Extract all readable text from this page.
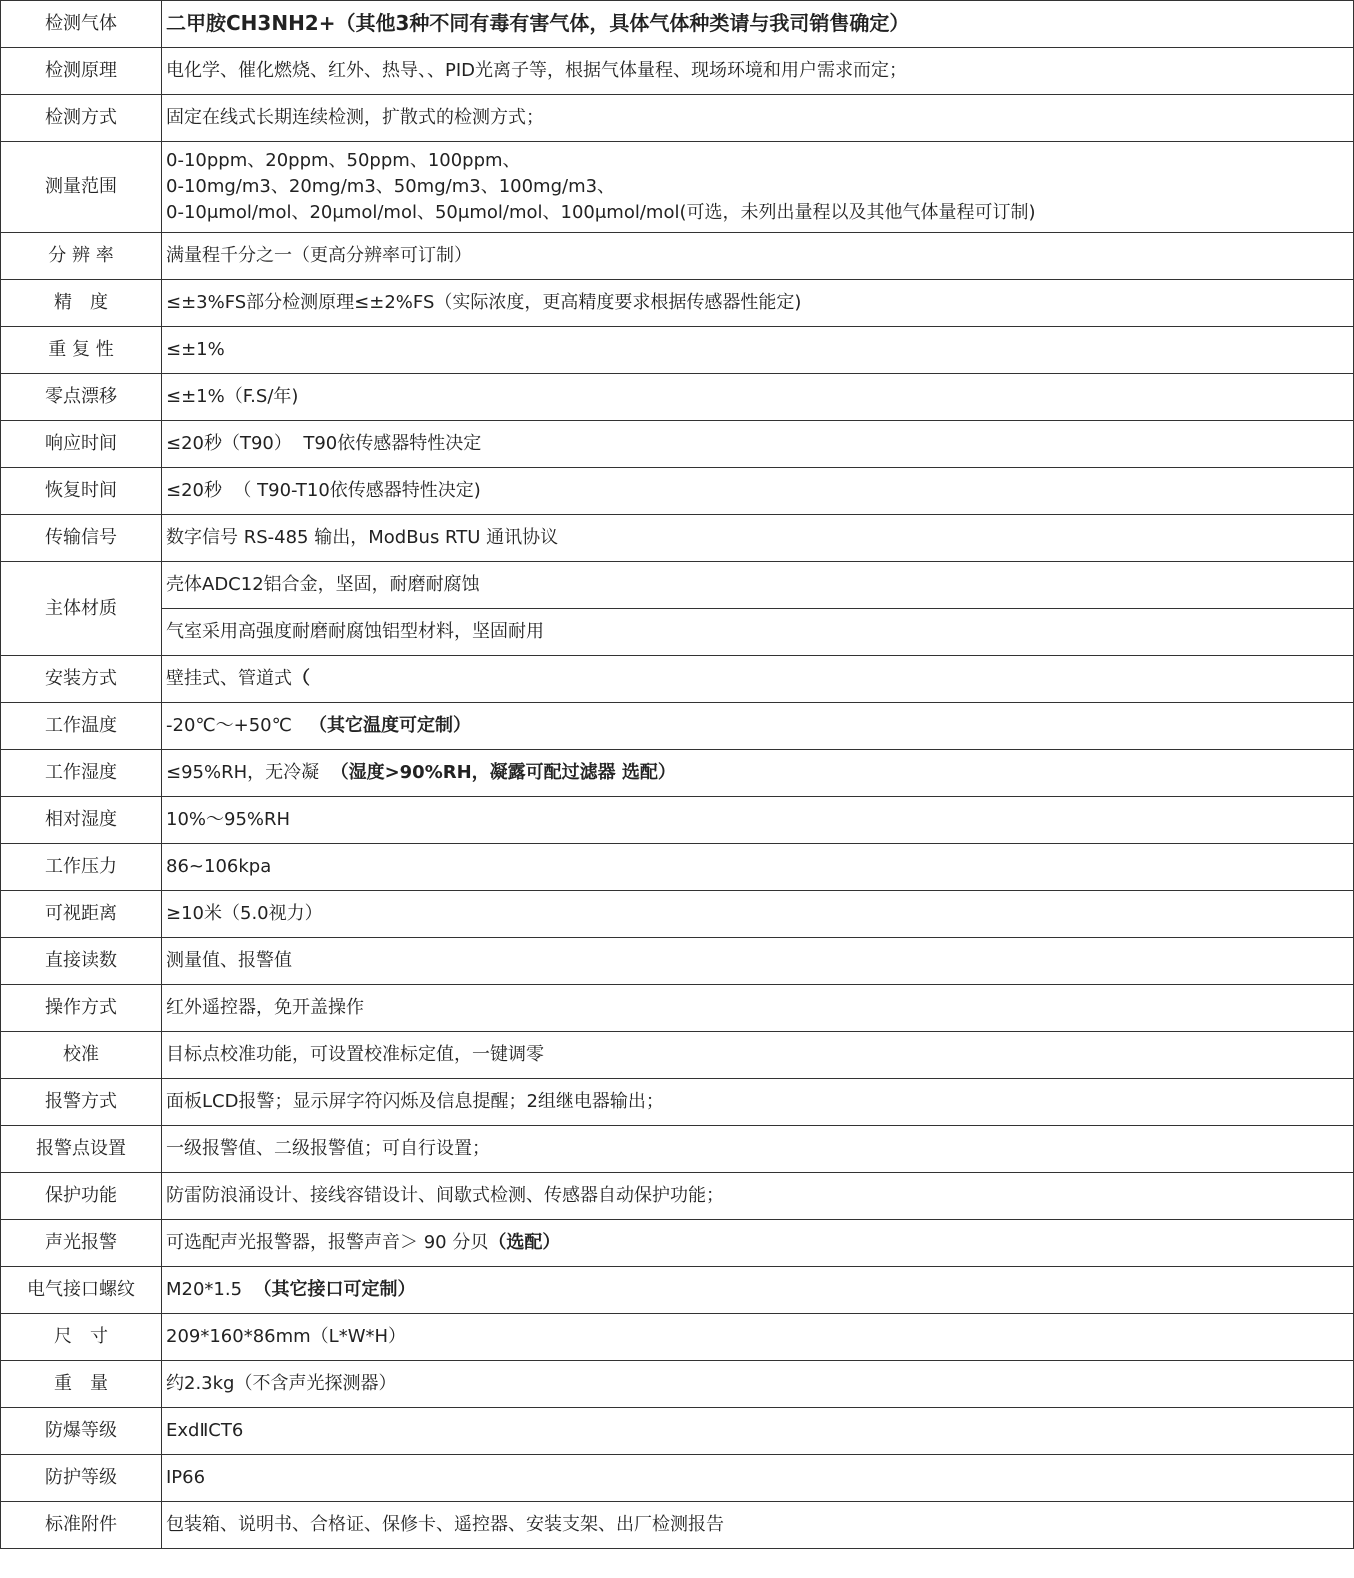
检测气体	二甲胺CH3NH2+（其他3种不同有毒有害气体，具体气体种类请与我司销售确定）
检测原理	电化学、催化燃烧、红外、热导、、PID光离子等，根据气体量程、现场环境和用户需求而定；
检测方式	固定在线式长期连续检测，扩散式的检测方式；
测量范围	0-10ppm、20ppm、50ppm、100ppm、
0-10mg/m3、20mg/m3、50mg/m3、100mg/m3、
0-10μmol/mol、20μmol/mol、50μmol/mol、100μmol/mol(可选，未列出量程以及其他气体量程可订制)

分 辨 率	满量程千分之一（更高分辨率可订制）
精　度	≤±3%FS部分检测原理≤±2%FS（实际浓度，更高精度要求根据传感器性能定)
重 复 性	≤±1%
零点漂移	≤±1%（F.S/年)
响应时间	≤20秒（T90）  T90依传感器特性决定
恢复时间	≤20秒  （ T90-T10依传感器特性决定)
传输信号	数字信号 RS-485 输出，ModBus RTU 通讯协议
主体材质	壳体ADC12铝合金，坚固，耐磨耐腐蚀
	气室采用高强度耐磨耐腐蚀铝型材料，坚固耐用
安装方式	壁挂式、管道式（
工作温度	-20℃～+50℃   （其它温度可定制）
工作湿度	≤95%RH，无冷凝  （湿度>90%RH，凝露可配过滤器 选配）
相对湿度	10%～95%RH
工作压力	86~106kpa
可视距离	≥10米（5.0视力）
直接读数	测量值、报警值
操作方式	红外遥控器，免开盖操作
校准	目标点校准功能，可设置校准标定值，一键调零
报警方式	面板LCD报警；显示屏字符闪烁及信息提醒；2组继电器输出；
报警点设置	一级报警值、二级报警值；可自行设置；
保护功能	防雷防浪涌设计、接线容错设计、间歇式检测、传感器自动保护功能；
声光报警	可选配声光报警器，报警声音＞ 90 分贝（选配）
电气接口螺纹	M20*1.5  （其它接口可定制）
尺　寸	209*160*86mm（L*W*H）
重　量	约2.3kg（不含声光探测器）
防爆等级	ExdⅡCT6
防护等级	IP66
标准附件	包装箱、说明书、合格证、保修卡、遥控器、安装支架、出厂检测报告
